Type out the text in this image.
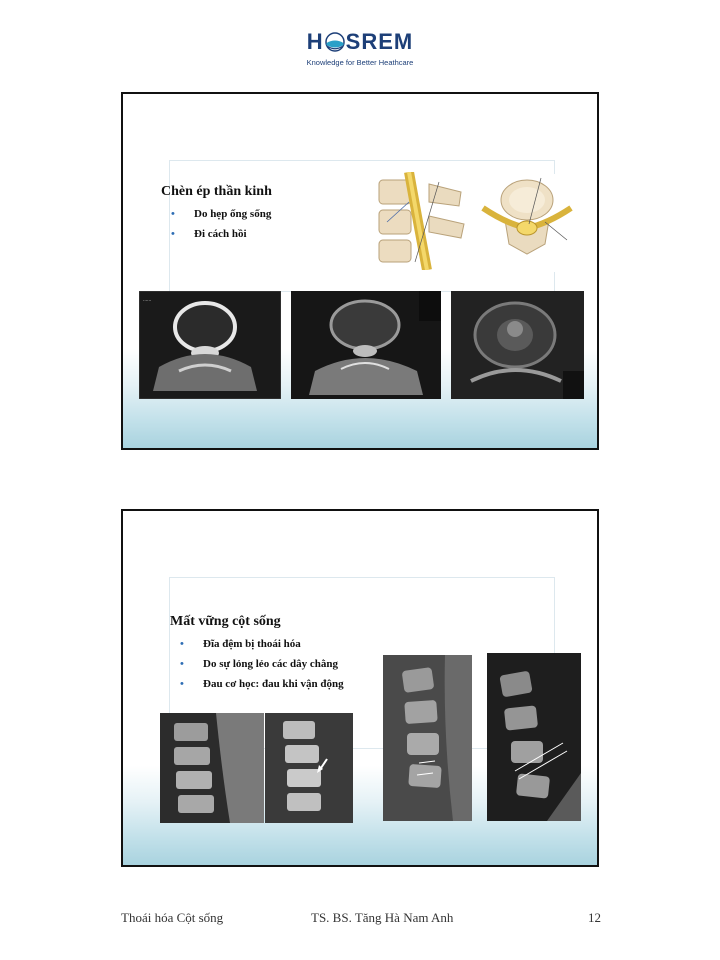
H SREM
Knowledge for Better Heathcare
Chèn ép thần kinh
• Do hẹp ống sống
• Đi cách hồi
......
Mất vững cột sống
• Đĩa đệm bị thoái hóa
• Do sự lỏng lẻo các dây chằng
• Đau cơ học: đau khi vận động
Thoái hóa Cột sống	TS. BS. Tăng Hà Nam Anh	12
